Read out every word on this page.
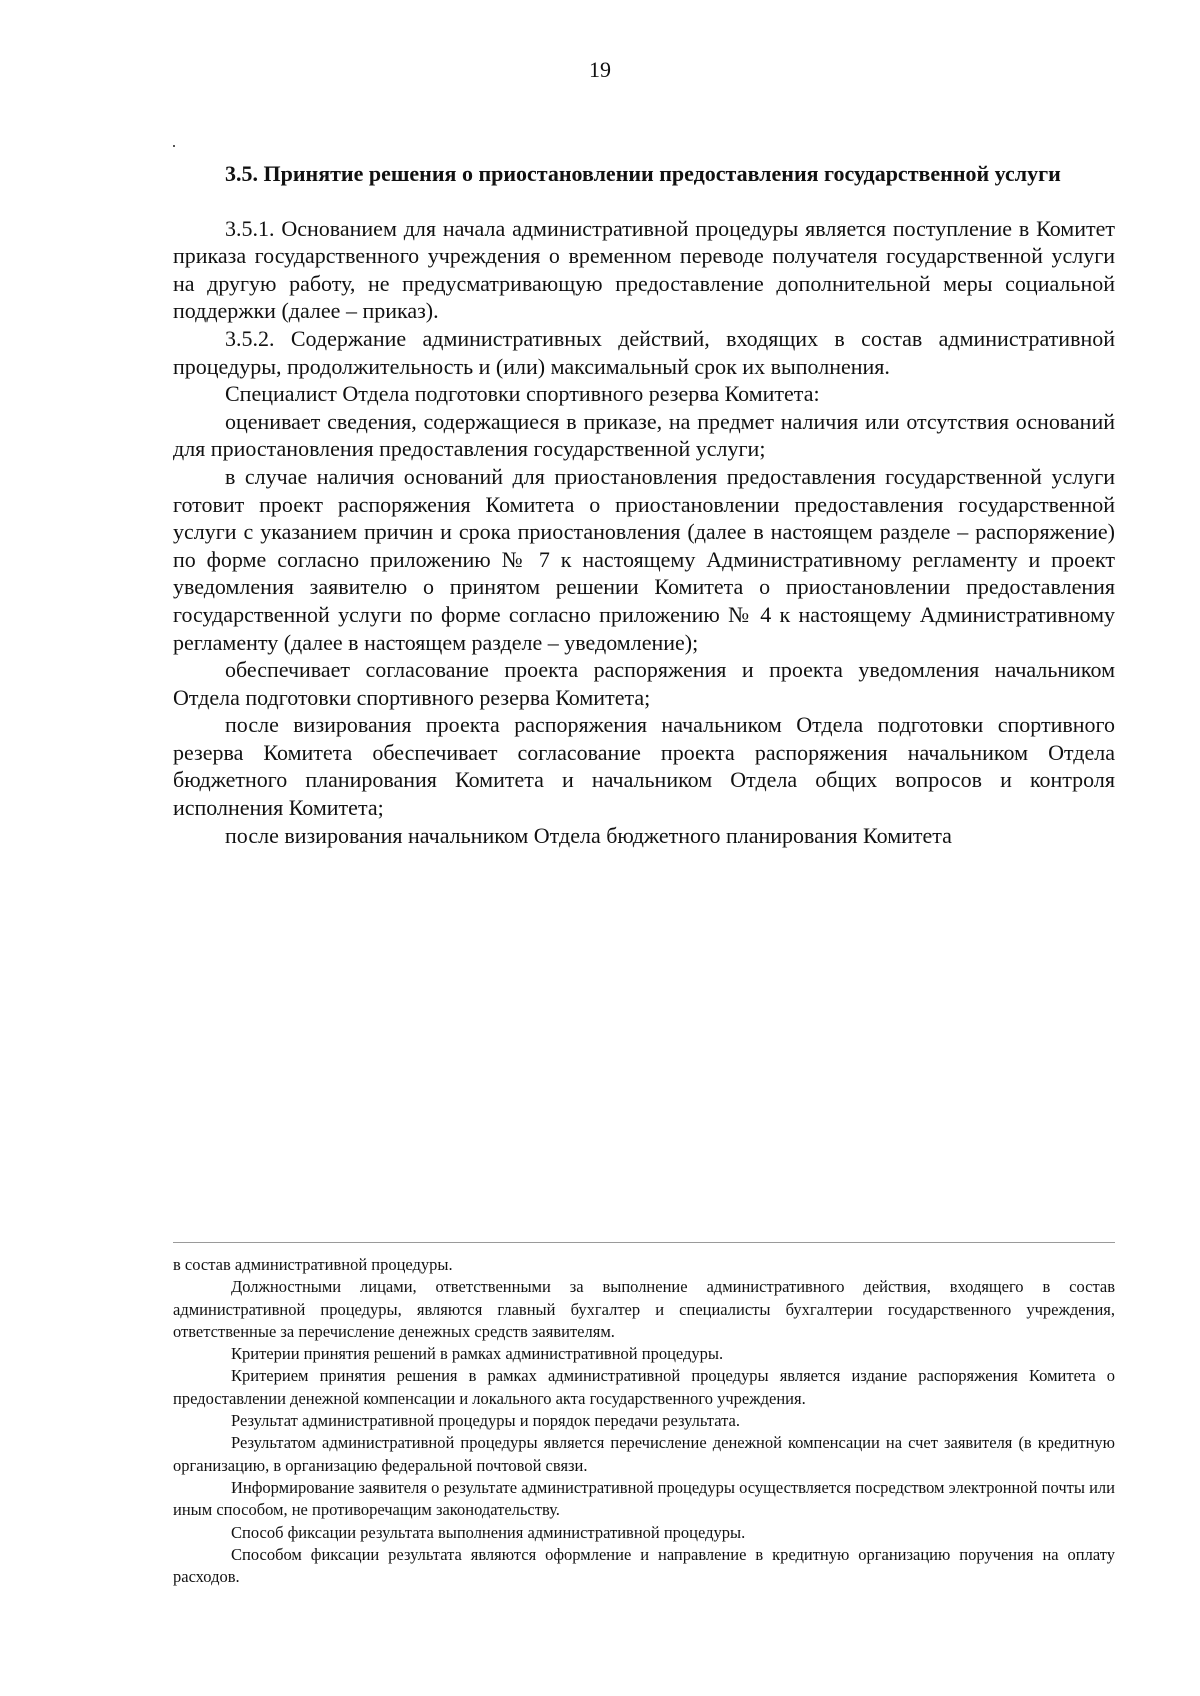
19

3.5. Принятие решения о приостановлении предоставления государственной услуги

3.5.1. Основанием для начала административной процедуры является поступление в Комитет приказа государственного учреждения о временном переводе получателя государственной услуги на другую работу, не предусматривающую предоставление дополнительной меры социальной поддержки (далее – приказ).

3.5.2. Содержание административных действий, входящих в состав административной процедуры, продолжительность и (или) максимальный срок их выполнения.

Специалист Отдела подготовки спортивного резерва Комитета:

оценивает сведения, содержащиеся в приказе, на предмет наличия или отсутствия оснований для приостановления предоставления государственной услуги;

в случае наличия оснований для приостановления предоставления государственной услуги готовит проект распоряжения Комитета о приостановлении предоставления государственной услуги с указанием причин и срока приостановления (далее в настоящем разделе – распоряжение) по форме согласно приложению № 7 к настоящему Административному регламенту и проект уведомления заявителю о принятом решении Комитета о приостановлении предоставления государственной услуги по форме согласно приложению № 4 к настоящему Административному регламенту (далее в настоящем разделе – уведомление);

обеспечивает согласование проекта распоряжения и проекта уведомления начальником Отдела подготовки спортивного резерва Комитета;

после визирования проекта распоряжения начальником Отдела подготовки спортивного резерва Комитета обеспечивает согласование проекта распоряжения начальником Отдела бюджетного планирования Комитета и начальником Отдела общих вопросов и контроля исполнения Комитета;

после визирования начальником Отдела бюджетного планирования Комитета

в состав административной процедуры.

Должностными лицами, ответственными за выполнение административного действия, входящего в состав административной процедуры, являются главный бухгалтер и специалисты бухгалтерии государственного учреждения, ответственные за перечисление денежных средств заявителям.

Критерии принятия решений в рамках административной процедуры.

Критерием принятия решения в рамках административной процедуры является издание распоряжения Комитета о предоставлении денежной компенсации и локального акта государственного учреждения.

Результат административной процедуры и порядок передачи результата.

Результатом административной процедуры является перечисление денежной компенсации на счет заявителя (в кредитную организацию, в организацию федеральной почтовой связи.

Информирование заявителя о результате административной процедуры осуществляется посредством электронной почты или иным способом, не противоречащим законодательству.

Способ фиксации результата выполнения административной процедуры.

Способом фиксации результата являются оформление и направление в кредитную организацию поручения на оплату расходов.
